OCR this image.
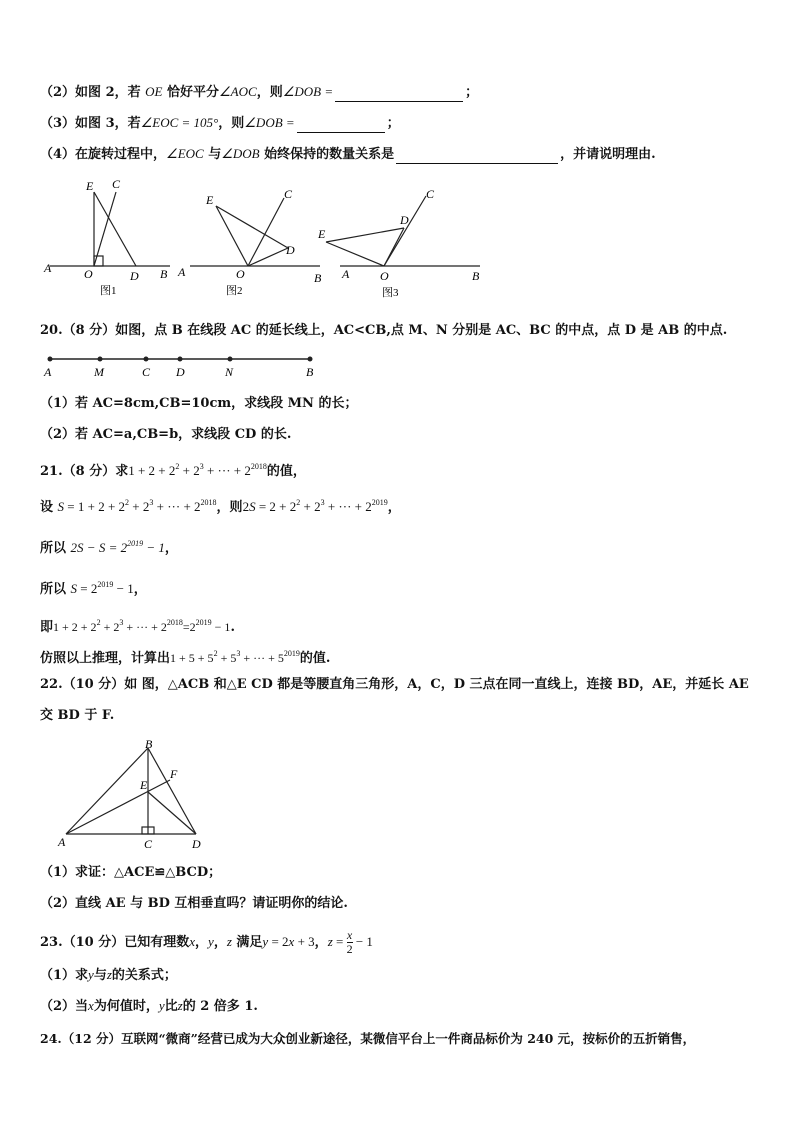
（2）如图 2，若 OE 恰好平分∠AOC，则∠DOB =	；
（3）如图 3，若∠EOC = 105°，则∠DOB =	；
（4）在旋转过程中，∠EOC 与∠DOB 始终保持的数量关系是	，并请说明理由.
E C
A	O	D B
图1
E	C
D
A	O	B
图2
C
D
E
A	O	B
图3
20.（8 分）如图，点 B 在线段 AC 的延长线上，AC<CB,点 M、N 分别是 AC、BC 的中点，点 D 是 AB 的中点.
A	M	C D	N	B
（1）若 AC=8cm,CB=10cm，求线段 MN 的长；
（2）若 AC=a,CB=b，求线段 CD 的长.
21.（8 分）求$1 + 2 + 2^2 + 2^3$ + ··· + $2^{2018}$的值，
设 $S = 1 + 2 + 2^2 + 2^3$ + ··· + $2^{2018}$，则$2S = 2 + 2^2 + 2^3$ + ··· + $2^{2019}$，
所以 $2S - S = 2^{2019} - 1$，
所以 $S = 2^{2019} - 1$，
即$1 + 2 + 2^2 + 2^3$ + ··· + $2^{2018}=2^{2019} - 1$.
仿照以上推理，计算出$1 + 5 + 5^2 + 5^3$ + ··· + $5^{2019}$的值.
22.（10 分）如 图，△ACB 和△E CD 都是等腰直角三角形，A，C，D 三点在同一直线上，连接 BD，AE，并延长 AE
交 BD 于 F.
B
F
E
A	C	D
（1）求证：△ACE≌△BCD；
（2）直线 AE 与 BD 互相垂直吗？请证明你的结论.
23.（10 分）已知有理数x，y，z 满足y = 2x + 3，$z = \frac{x}{2} - 1$
（1）求y与z的关系式；
（2）当x为何值时，y比z的 2 倍多 1.
24.（12 分）互联网“微商”经营已成为大众创业新途径，某微信平台上一件商品标价为 240 元，按标价的五折销售，
